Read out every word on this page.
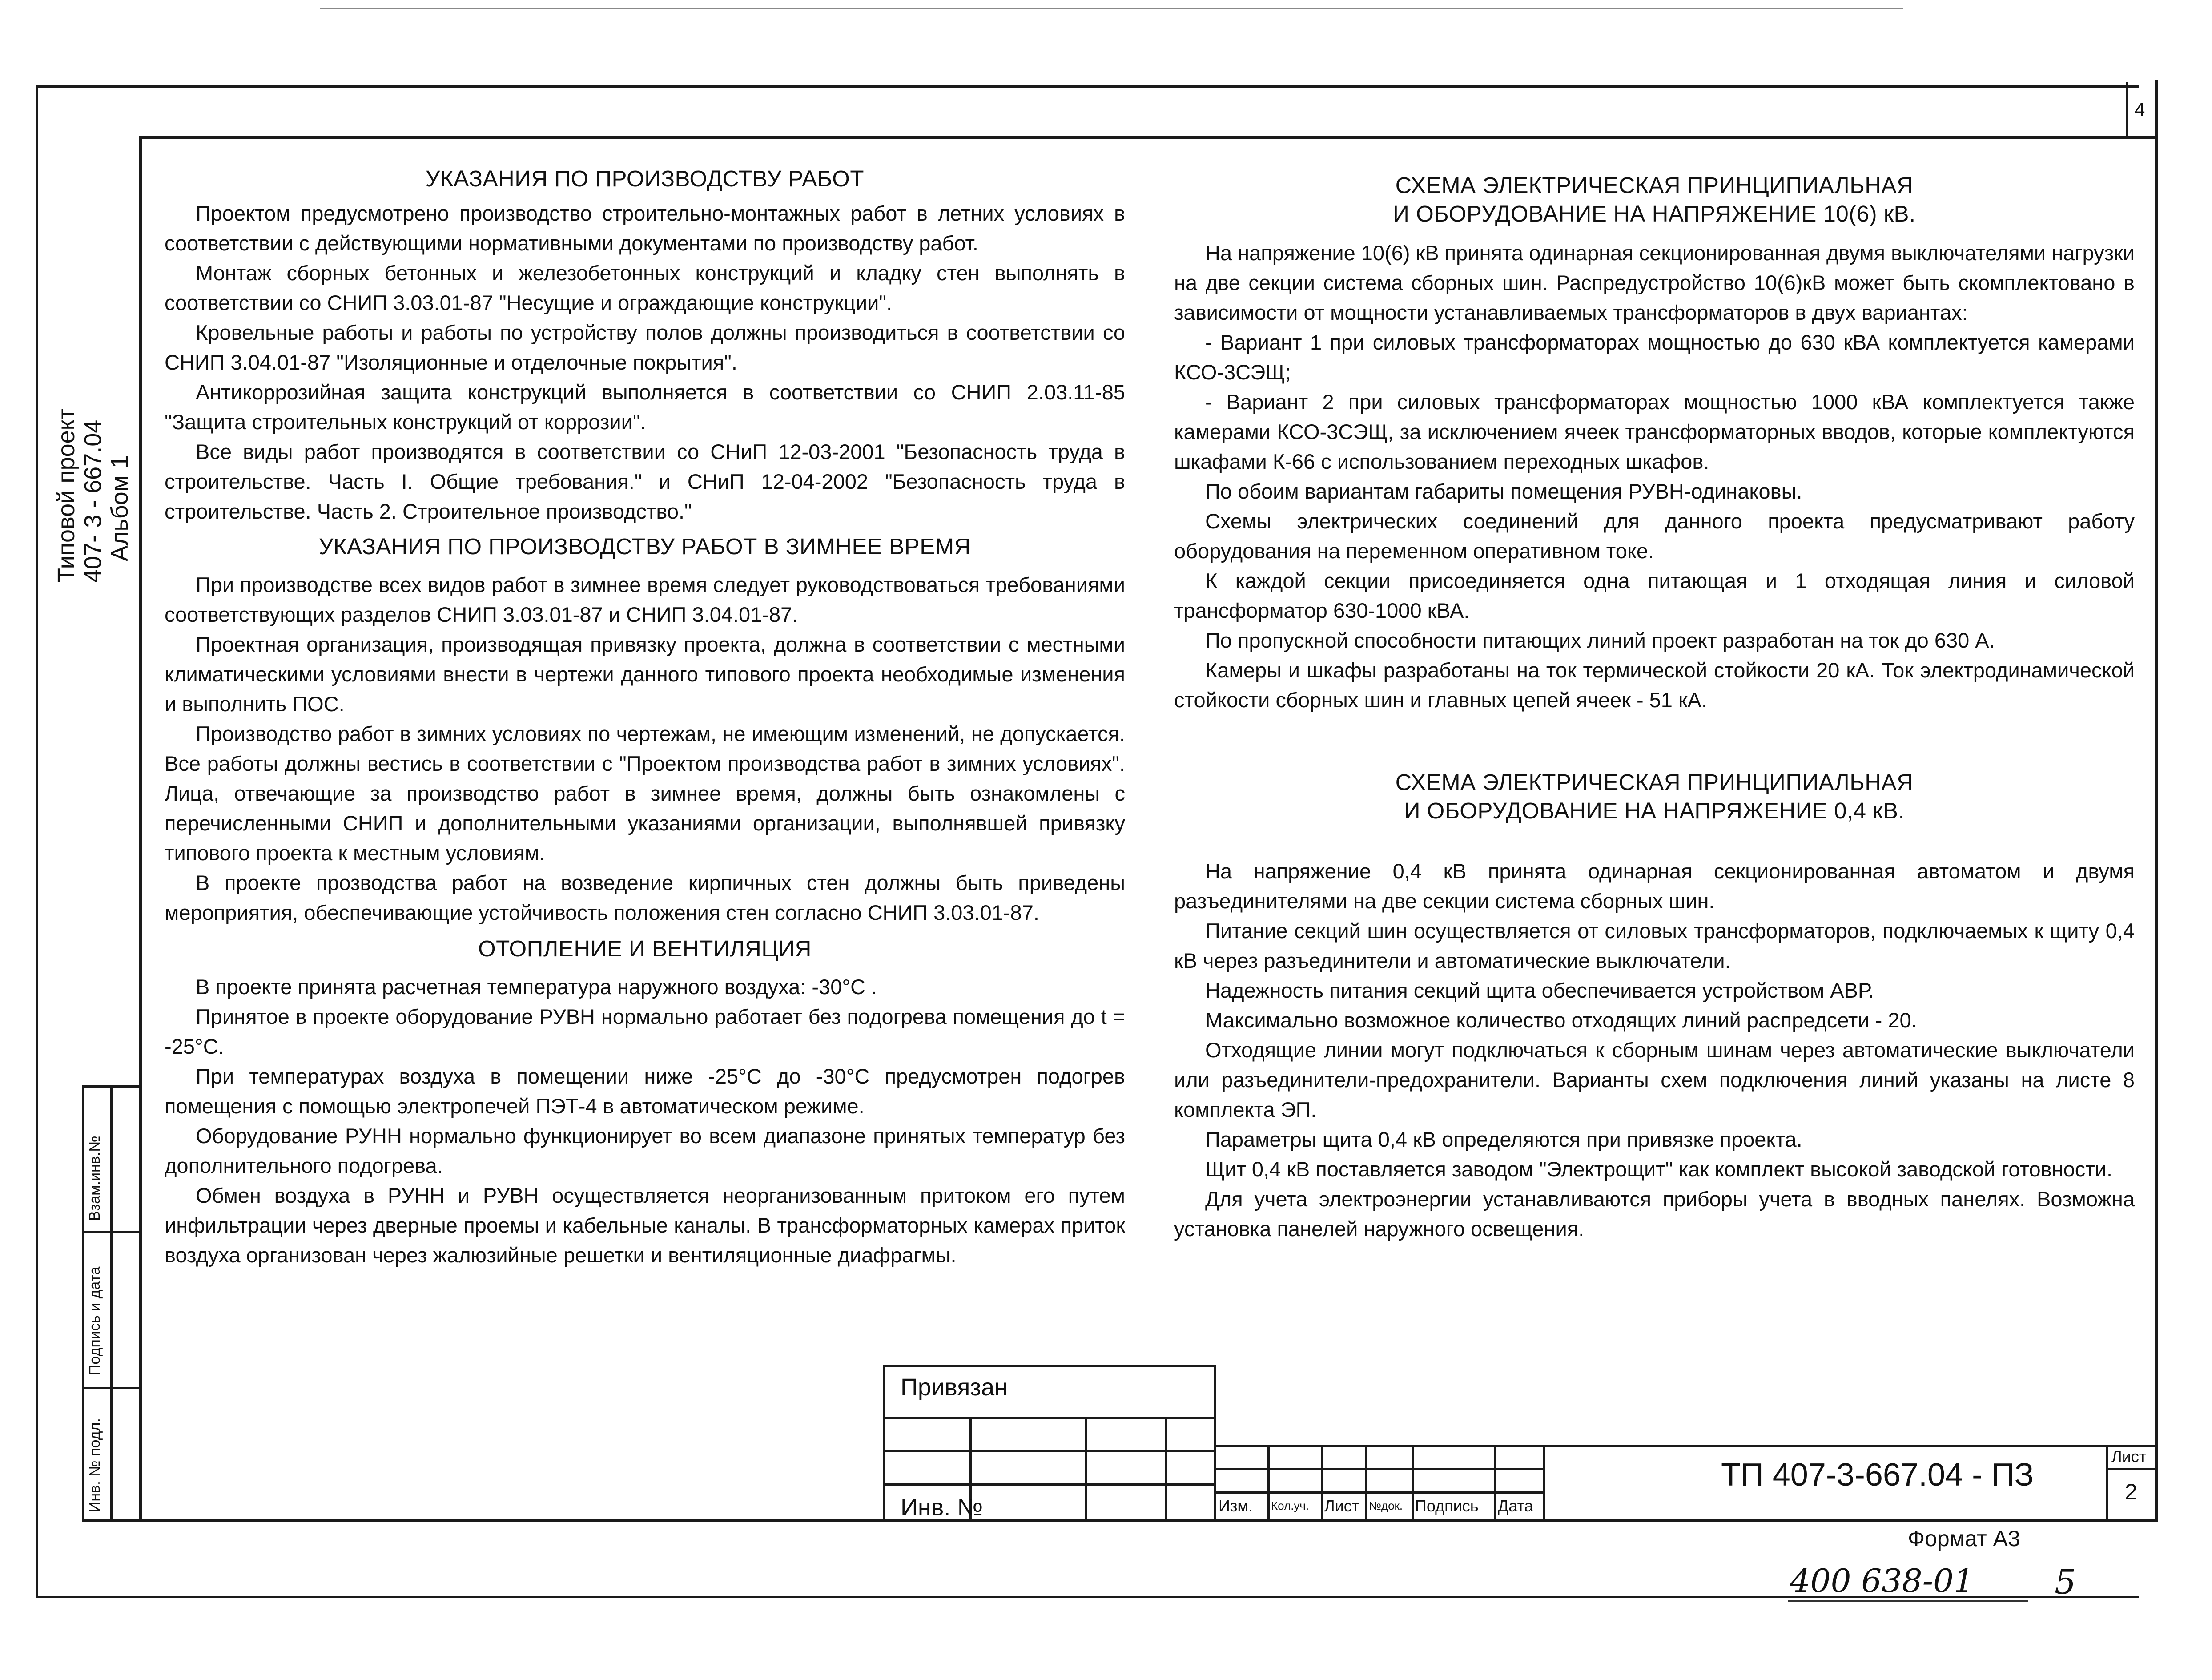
4
Типовой проект 407- 3 - 667.04 Альбом 1
Взам.инв.№
Подпись и дата
Инв. № подл.
УКАЗАНИЯ ПО ПРОИЗВОДСТВУ РАБОТ

Проектом предусмотрено производство строительно-монтажных работ в летних условиях в соответствии с действующими нормативными документами по производству работ.

Монтаж сборных бетонных и железобетонных конструкций и кладку стен выполнять в соответствии со СНИП 3.03.01-87 "Несущие и ограждающие конструкции".

Кровельные работы и работы по устройству полов должны производиться в соответствии со СНИП 3.04.01-87 "Изоляционные и отделочные покрытия".

Антикоррозийная защита конструкций выполняется в соответствии со СНИП 2.03.11-85 "Защита строительных конструкций от коррозии".

Все виды работ производятся в соответствии со СНиП 12-03-2001 "Безопасность труда в строительстве. Часть I. Общие требования." и СНиП 12-04-2002 "Безопасность труда в строительстве. Часть 2. Строительное производство."

УКАЗАНИЯ ПО ПРОИЗВОДСТВУ РАБОТ В ЗИМНЕЕ ВРЕМЯ

При производстве всех видов работ в зимнее время следует руководствоваться требованиями соответствующих разделов СНИП 3.03.01-87 и СНИП 3.04.01-87.

Проектная организация, производящая привязку проекта, должна в соответствии с местными климатическими условиями внести в чертежи данного типового проекта необходимые изменения и выполнить ПОС.

Производство работ в зимних условиях по чертежам, не имеющим изменений, не допускается. Все работы должны вестись в соответствии с "Проектом производства работ в зимних условиях". Лица, отвечающие за производство работ в зимнее время, должны быть ознакомлены с перечисленными СНИП и дополнительными указаниями организации, выполнявшей привязку типового проекта к местным условиям.

В проекте прозводства работ на возведение кирпичных стен должны быть приведены мероприятия, обеспечивающие устойчивость положения стен согласно СНИП 3.03.01-87.

ОТОПЛЕНИЕ И ВЕНТИЛЯЦИЯ

В проекте принята расчетная температура наружного воздуха: -30°С .

Принятое в проекте оборудование РУВН нормально работает без подогрева помещения до t = -25°С.

При температурах воздуха в помещении ниже -25°С до -30°С предусмотрен подогрев помещения с помощью электропечей ПЭТ-4 в автоматическом режиме.

Оборудование РУНН нормально функционирует во всем диапазоне принятых температур без дополнительного подогрева.

Обмен воздуха в РУНН и РУВН осуществляется неорганизованным притоком его путем инфильтрации через дверные проемы и кабельные каналы. В трансформаторных камерах приток воздуха организован через жалюзийные решетки и вентиляционные диафрагмы.

СХЕМА ЭЛЕКТРИЧЕСКАЯ ПРИНЦИПИАЛЬНАЯ
И ОБОРУДОВАНИЕ НА НАПРЯЖЕНИЕ 10(6) кВ.

На напряжение 10(6) кВ принята одинарная секционированная двумя выключателями нагрузки на две секции система сборных шин. Распредустройство 10(6)кВ может быть скомплектовано в зависимости от мощности устанавливаемых трансформаторов в двух вариантах:

- Вариант 1 при силовых трансформаторах мощностью до 630 кВА комплектуется камерами КСО-3СЭЩ;

- Вариант 2 при силовых трансформаторах мощностью 1000 кВА комплектуется также камерами КСО-3СЭЩ, за исключением ячеек трансформаторных вводов, которые комплектуются шкафами К-66 с использованием переходных шкафов.

По обоим вариантам габариты помещения РУВН-одинаковы.

Схемы электрических соединений для данного проекта предусматривают работу оборудования на переменном оперативном токе.

К каждой секции присоединяется одна питающая и 1 отходящая линия и силовой трансформатор 630-1000 кВА.

По пропускной способности питающих линий проект разработан на ток до 630 А.

Камеры и шкафы разработаны на ток термической стойкости 20 кА. Ток электродинамической стойкости сборных шин и главных цепей ячеек - 51 кА.

СХЕМА ЭЛЕКТРИЧЕСКАЯ ПРИНЦИПИАЛЬНАЯ
И ОБОРУДОВАНИЕ НА НАПРЯЖЕНИЕ 0,4 кВ.

На напряжение 0,4 кВ принята одинарная секционированная автоматом и двумя разъединителями на две секции система сборных шин.

Питание секций шин осуществляется от силовых трансформаторов, подключаемых к щиту 0,4 кВ через разъединители и автоматические выключатели.

Надежность питания секций щита обеспечивается устройством АВР.

Максимально возможное количество отходящих линий распредсети - 20.

Отходящие линии могут подключаться к сборным шинам через автоматические выключатели или разъединители-предохранители. Варианты схем подключения линий указаны на листе 8 комплекта ЭП.

Параметры щита 0,4 кВ определяются при привязке проекта.

Щит 0,4 кВ поставляется заводом "Электрощит" как комплект высокой заводской готовности.

Для учета электроэнергии устанавливаются приборы учета в вводных панелях. Возможна установка панелей наружного освещения.

Привязан
Инв. №	Изм. Кол.уч. Лист №док. Подпись Дата
ТП 407-3-667.04 - ПЗ
Лист
2
Формат А3
400 638-01 5
